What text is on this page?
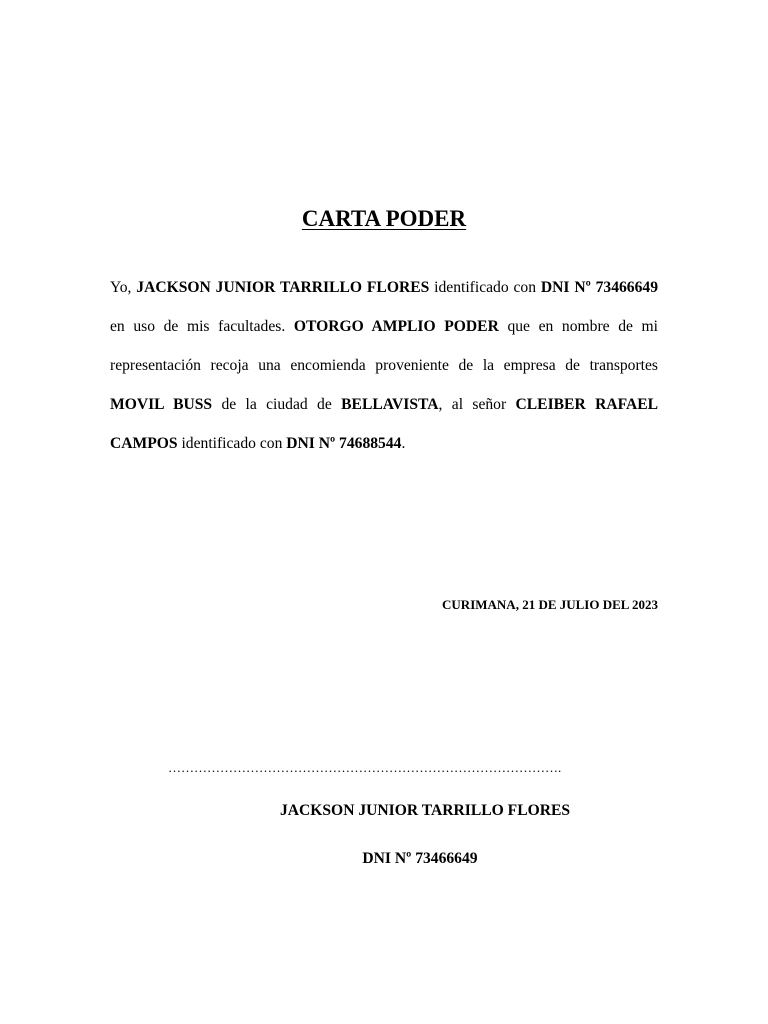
CARTA PODER

Yo, JACKSON JUNIOR TARRILLO FLORES identificado con DNI Nº 73466649 en uso de mis facultades. OTORGO AMPLIO PODER que en nombre de mi representación recoja una encomienda proveniente de la empresa de transportes MOVIL BUSS de la ciudad de BELLAVISTA, al señor CLEIBER RAFAEL CAMPOS identificado con DNI Nº 74688544.

CURIMANA, 21 DE JULIO DEL 2023
……………………………………………………………………………….
JACKSON JUNIOR TARRILLO FLORES
DNI Nº 73466649
